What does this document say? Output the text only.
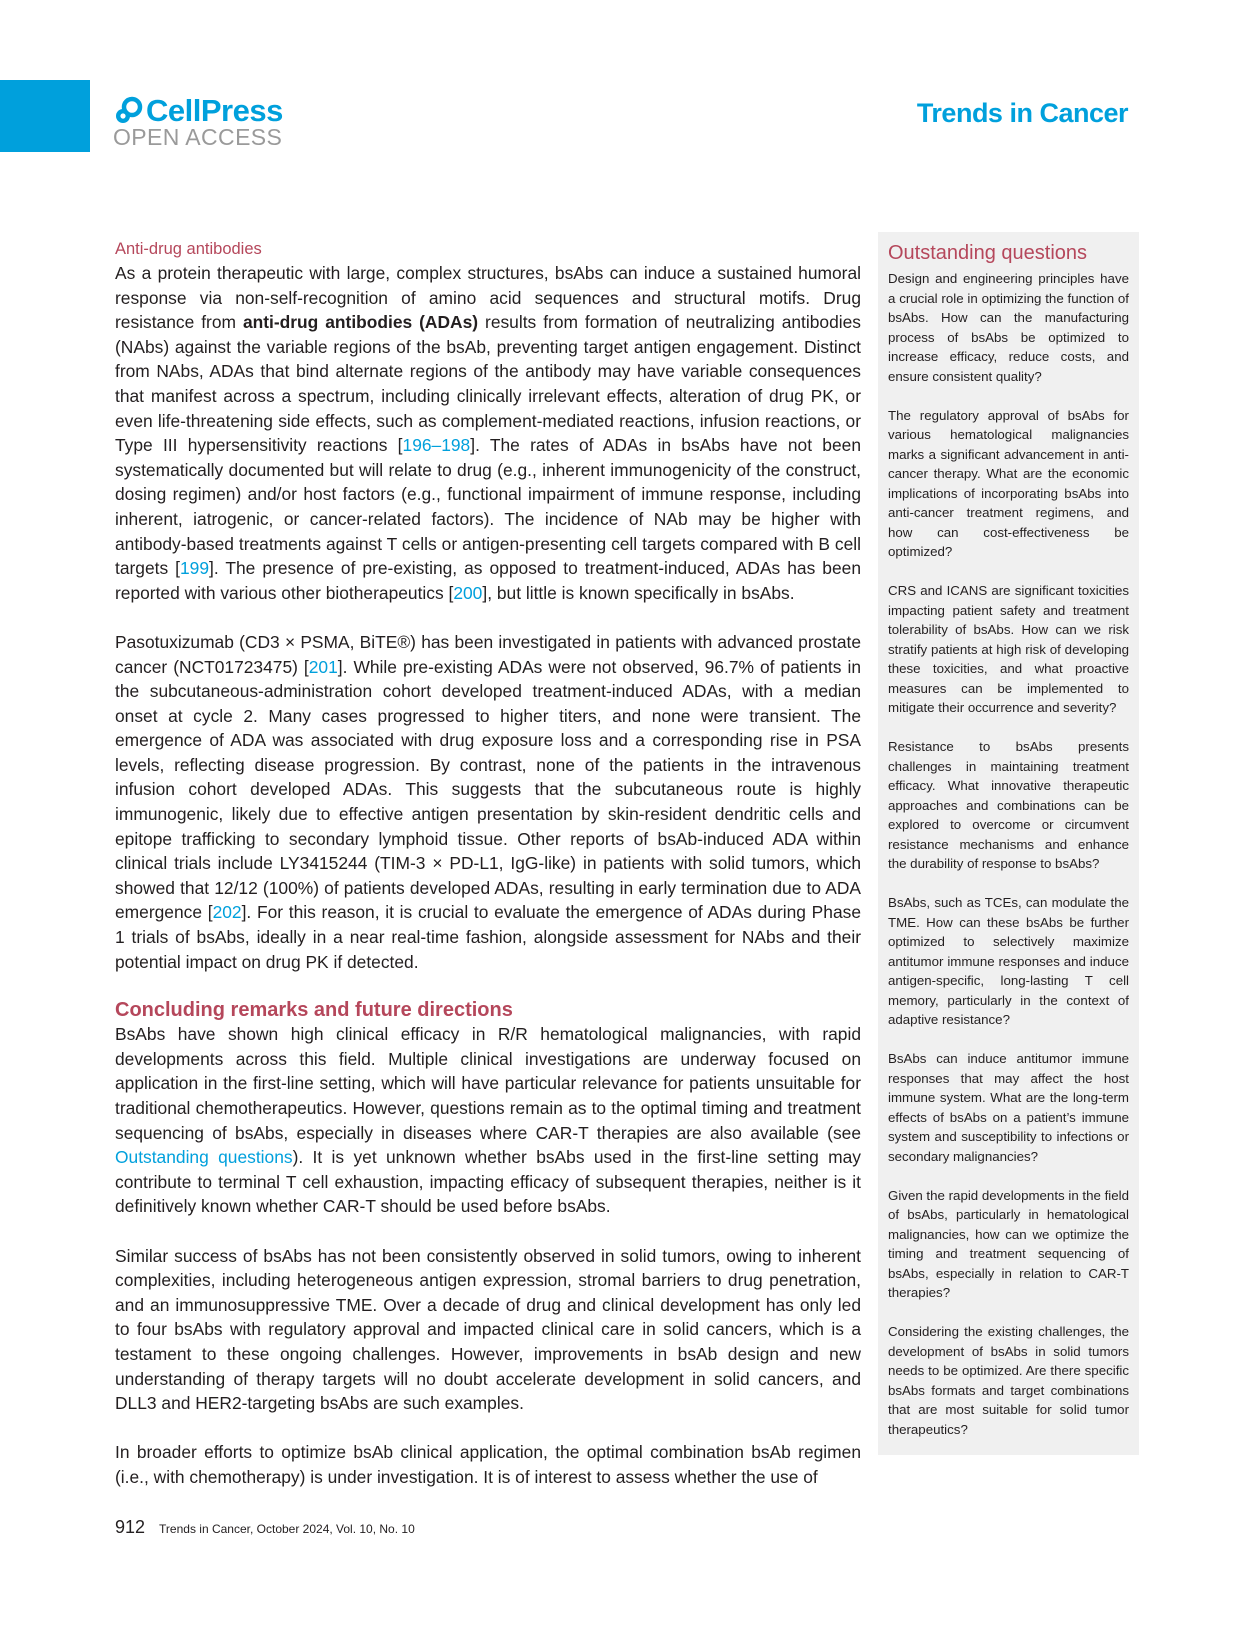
CellPress
OPEN ACCESS
Trends in Cancer
Anti-drug antibodies

As a protein therapeutic with large, complex structures, bsAbs can induce a sustained humoral response via non-self-recognition of amino acid sequences and structural motifs. Drug resistance from anti-drug antibodies (ADAs) results from formation of neutralizing antibodies (NAbs) against the variable regions of the bsAb, preventing target antigen engagement. Distinct from NAbs, ADAs that bind alternate regions of the antibody may have variable consequences that manifest across a spectrum, including clinically irrelevant effects, alteration of drug PK, or even life-threatening side effects, such as complement-mediated reactions, infusion reactions, or Type III hypersensitivity reactions [196–198]. The rates of ADAs in bsAbs have not been systematically documented but will relate to drug (e.g., inherent immunogenicity of the construct, dosing regimen) and/or host factors (e.g., functional impairment of immune response, including inherent, iatrogenic, or cancer-related factors). The incidence of NAb may be higher with antibody-based treatments against T cells or antigen-presenting cell targets compared with B cell targets [199]. The presence of pre-existing, as opposed to treatment-induced, ADAs has been reported with various other biotherapeutics [200], but little is known specifically in bsAbs.

Pasotuxizumab (CD3 × PSMA, BiTE®) has been investigated in patients with advanced prostate cancer (NCT01723475) [201]. While pre-existing ADAs were not observed, 96.7% of patients in the subcutaneous-administration cohort developed treatment-induced ADAs, with a median onset at cycle 2. Many cases progressed to higher titers, and none were transient. The emergence of ADA was associated with drug exposure loss and a corresponding rise in PSA levels, reflecting disease progression. By contrast, none of the patients in the intravenous infusion cohort developed ADAs. This suggests that the subcutaneous route is highly immunogenic, likely due to effective antigen presentation by skin-resident dendritic cells and epitope trafficking to secondary lymphoid tissue. Other reports of bsAb-induced ADA within clinical trials include LY3415244 (TIM-3 × PD-L1, IgG-like) in patients with solid tumors, which showed that 12/12 (100%) of patients developed ADAs, resulting in early termination due to ADA emergence [202]. For this reason, it is crucial to evaluate the emergence of ADAs during Phase 1 trials of bsAbs, ideally in a near real-time fashion, alongside assessment for NAbs and their potential impact on drug PK if detected.

Concluding remarks and future directions

BsAbs have shown high clinical efficacy in R/R hematological malignancies, with rapid developments across this field. Multiple clinical investigations are underway focused on application in the first-line setting, which will have particular relevance for patients unsuitable for traditional chemotherapeutics. However, questions remain as to the optimal timing and treatment sequencing of bsAbs, especially in diseases where CAR-T therapies are also available (see Outstanding questions). It is yet unknown whether bsAbs used in the first-line setting may contribute to terminal T cell exhaustion, impacting efficacy of subsequent therapies, neither is it definitively known whether CAR-T should be used before bsAbs.

Similar success of bsAbs has not been consistently observed in solid tumors, owing to inherent complexities, including heterogeneous antigen expression, stromal barriers to drug penetration, and an immunosuppressive TME. Over a decade of drug and clinical development has only led to four bsAbs with regulatory approval and impacted clinical care in solid cancers, which is a testament to these ongoing challenges. However, improvements in bsAb design and new understanding of therapy targets will no doubt accelerate development in solid cancers, and DLL3 and HER2-targeting bsAbs are such examples.

In broader efforts to optimize bsAb clinical application, the optimal combination bsAb regimen (i.e., with chemotherapy) is under investigation. It is of interest to assess whether the use of

Outstanding questions

Design and engineering principles have a crucial role in optimizing the function of bsAbs. How can the manufacturing process of bsAbs be optimized to increase efficacy, reduce costs, and ensure consistent quality?

The regulatory approval of bsAbs for various hematological malignancies marks a significant advancement in anti-cancer therapy. What are the economic implications of incorporating bsAbs into anti-cancer treatment regimens, and how can cost-effectiveness be optimized?

CRS and ICANS are significant toxicities impacting patient safety and treatment tolerability of bsAbs. How can we risk stratify patients at high risk of developing these toxicities, and what proactive measures can be implemented to mitigate their occurrence and severity?

Resistance to bsAbs presents challenges in maintaining treatment efficacy. What innovative therapeutic approaches and combinations can be explored to overcome or circumvent resistance mechanisms and enhance the durability of response to bsAbs?

BsAbs, such as TCEs, can modulate the TME. How can these bsAbs be further optimized to selectively maximize antitumor immune responses and induce antigen-specific, long-lasting T cell memory, particularly in the context of adaptive resistance?

BsAbs can induce antitumor immune responses that may affect the host immune system. What are the long-term effects of bsAbs on a patient’s immune system and susceptibility to infections or secondary malignancies?

Given the rapid developments in the field of bsAbs, particularly in hematological malignancies, how can we optimize the timing and treatment sequencing of bsAbs, especially in relation to CAR-T therapies?

Considering the existing challenges, the development of bsAbs in solid tumors needs to be optimized. Are there specific bsAbs formats and target combinations that are most suitable for solid tumor therapeutics?

912 Trends in Cancer, October 2024, Vol. 10, No. 10
